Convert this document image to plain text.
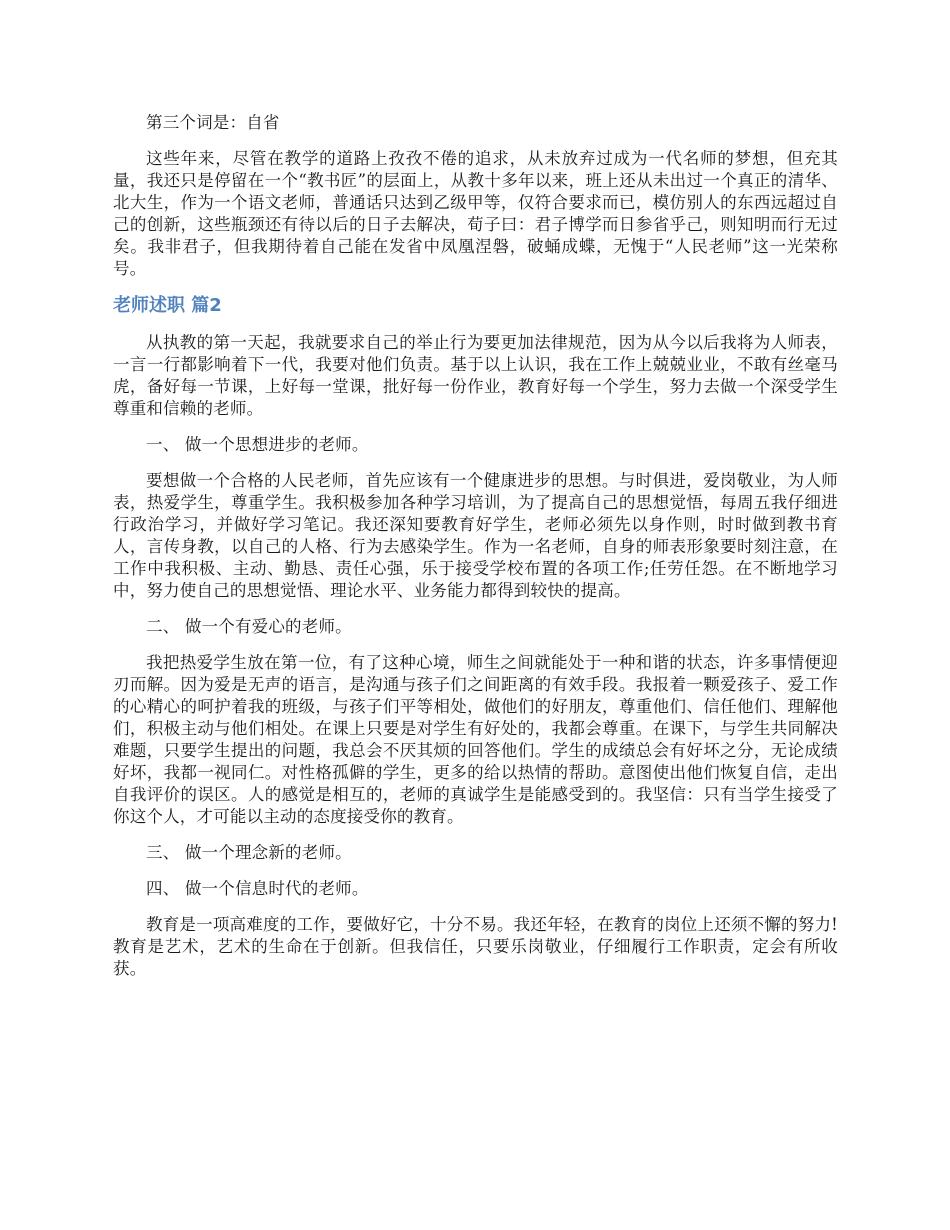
第三个词是：自省

这些年来，尽管在教学的道路上孜孜不倦的追求，从未放弃过成为一代名师的梦想，但充其量，我还只是停留在一个“教书匠”的层面上，从教十多年以来，班上还从未出过一个真正的清华、北大生，作为一个语文老师，普通话只达到乙级甲等，仅符合要求而已，模仿别人的东西远超过自己的创新，这些瓶颈还有待以后的日子去解决，荀子曰：君子博学而日参省乎己，则知明而行无过矣。我非君子，但我期待着自己能在发省中凤凰涅磐，破蛹成蝶，无愧于“人民老师”这一光荣称号。

老师述职 篇2

从执教的第一天起，我就要求自己的举止行为要更加法律规范，因为从今以后我将为人师表，一言一行都影响着下一代，我要对他们负责。基于以上认识，我在工作上兢兢业业，不敢有丝毫马虎，备好每一节课，上好每一堂课，批好每一份作业，教育好每一个学生，努力去做一个深受学生尊重和信赖的老师。

一、 做一个思想进步的老师。

要想做一个合格的人民老师，首先应该有一个健康进步的思想。与时俱进，爱岗敬业，为人师表，热爱学生，尊重学生。我积极参加各种学习培训，为了提高自己的思想觉悟，每周五我仔细进行政治学习，并做好学习笔记。我还深知要教育好学生，老师必须先以身作则，时时做到教书育人，言传身教，以自己的人格、行为去感染学生。作为一名老师，自身的师表形象要时刻注意，在工作中我积极、主动、勤恳、责任心强，乐于接受学校布置的各项工作;任劳任怨。在不断地学习中，努力使自己的思想觉悟、理论水平、业务能力都得到较快的提高。

二、 做一个有爱心的老师。

我把热爱学生放在第一位，有了这种心境，师生之间就能处于一种和谐的状态，许多事情便迎刃而解。因为爱是无声的语言，是沟通与孩子们之间距离的有效手段。我报着一颗爱孩子、爱工作的心精心的呵护着我的班级，与孩子们平等相处，做他们的好朋友，尊重他们、信任他们、理解他们，积极主动与他们相处。在课上只要是对学生有好处的，我都会尊重。在课下，与学生共同解决难题，只要学生提出的问题，我总会不厌其烦的回答他们。学生的成绩总会有好坏之分，无论成绩好坏，我都一视同仁。对性格孤僻的学生，更多的给以热情的帮助。意图使出他们恢复自信，走出自我评价的误区。人的感觉是相互的，老师的真诚学生是能感受到的。我坚信：只有当学生接受了你这个人，才可能以主动的态度接受你的教育。

三、 做一个理念新的老师。

四、 做一个信息时代的老师。

教育是一项高难度的工作，要做好它，十分不易。我还年轻，在教育的岗位上还须不懈的努力!教育是艺术，艺术的生命在于创新。但我信任，只要乐岗敬业，仔细履行工作职责，定会有所收获。
